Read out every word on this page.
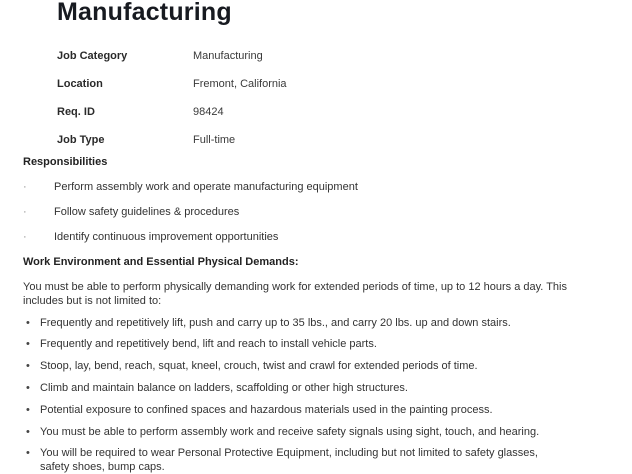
Manufacturing
Job Category	Manufacturing
Location	Fremont, California
Req. ID	98424
Job Type	Full-time
Responsibilities
· Perform assembly work and operate manufacturing equipment
· Follow safety guidelines & procedures
· Identify continuous improvement opportunities
Work Environment and Essential Physical Demands:
You must be able to perform physically demanding work for extended periods of time, up to 12 hours a day. This includes but is not limited to:
• Frequently and repetitively lift, push and carry up to 35 lbs., and carry 20 lbs. up and down stairs.
• Frequently and repetitively bend, lift and reach to install vehicle parts.
• Stoop, lay, bend, reach, squat, kneel, crouch, twist and crawl for extended periods of time.
• Climb and maintain balance on ladders, scaffolding or other high structures.
• Potential exposure to confined spaces and hazardous materials used in the painting process.
• You must be able to perform assembly work and receive safety signals using sight, touch, and hearing.
• You will be required to wear Personal Protective Equipment, including but not limited to safety glasses, safety shoes, bump caps.
